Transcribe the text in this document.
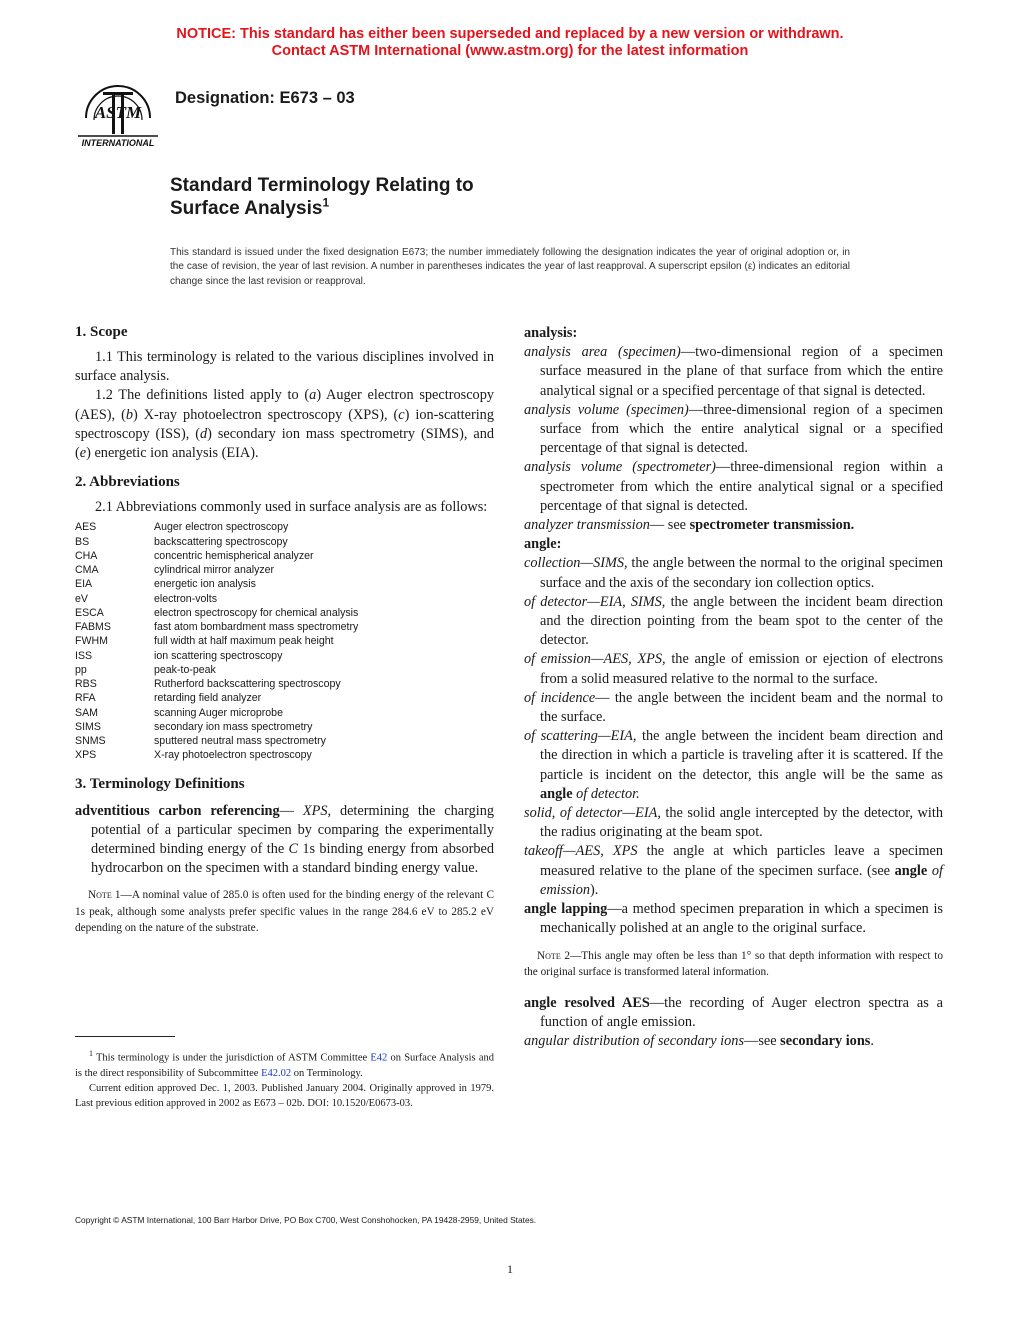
NOTICE: This standard has either been superseded and replaced by a new version or withdrawn.
Contact ASTM International (www.astm.org) for the latest information
ASTM
INTERNATIONAL
Designation: E673 – 03
Standard Terminology Relating to
Surface Analysis$^1$
This standard is issued under the fixed designation E673; the number immediately following the designation indicates the year of original adoption or, in the case of revision, the year of last revision. A number in parentheses indicates the year of last reapproval. A superscript epsilon (ε) indicates an editorial change since the last revision or reapproval.

1. Scope

1.1 This terminology is related to the various disciplines involved in surface analysis.

1.2 The definitions listed apply to (a) Auger electron spectroscopy (AES), (b) X-ray photoelectron spectroscopy (XPS), (c) ion-scattering spectroscopy (ISS), (d) secondary ion mass spectrometry (SIMS), and (e) energetic ion analysis (EIA).

2. Abbreviations

2.1 Abbreviations commonly used in surface analysis are as follows:

AES	Auger electron spectroscopy
BS	backscattering spectroscopy
CHA	concentric hemispherical analyzer
CMA	cylindrical mirror analyzer
EIA	energetic ion analysis
eV	electron-volts
ESCA	electron spectroscopy for chemical analysis
FABMS	fast atom bombardment mass spectrometry
FWHM	full width at half maximum peak height
ISS	ion scattering spectroscopy
pp	peak-to-peak
RBS	Rutherford backscattering spectroscopy
RFA	retarding field analyzer
SAM	scanning Auger microprobe
SIMS	secondary ion mass spectrometry
SNMS	sputtered neutral mass spectrometry
XPS	X-ray photoelectron spectroscopy

3. Terminology Definitions

adventitious carbon referencing— XPS, determining the charging potential of a particular specimen by comparing the experimentally determined binding energy of the C 1s binding energy from absorbed hydrocarbon on the specimen with a standard binding energy value.

Note 1—A nominal value of 285.0 is often used for the binding energy of the relevant C 1s peak, although some analysts prefer specific values in the range 284.6 eV to 285.2 eV depending on the nature of the substrate.

$^1$ This terminology is under the jurisdiction of ASTM Committee E42 on Surface Analysis and is the direct responsibility of Subcommittee E42.02 on Terminology.

Current edition approved Dec. 1, 2003. Published January 2004. Originally approved in 1979. Last previous edition approved in 2002 as E673 – 02b. DOI: 10.1520/E0673-03.

analysis:

analysis area (specimen)—two-dimensional region of a specimen surface measured in the plane of that surface from which the entire analytical signal or a specified percentage of that signal is detected.

analysis volume (specimen)—three-dimensional region of a specimen surface from which the entire analytical signal or a specified percentage of that signal is detected.

analysis volume (spectrometer)—three-dimensional region within a spectrometer from which the entire analytical signal or a specified percentage of that signal is detected.

analyzer transmission— see spectrometer transmission.

angle:

collection—SIMS, the angle between the normal to the original specimen surface and the axis of the secondary ion collection optics.

of detector—EIA, SIMS, the angle between the incident beam direction and the direction pointing from the beam spot to the center of the detector.

of emission—AES, XPS, the angle of emission or ejection of electrons from a solid measured relative to the normal to the surface.

of incidence— the angle between the incident beam and the normal to the surface.

of scattering—EIA, the angle between the incident beam direction and the direction in which a particle is traveling after it is scattered. If the particle is incident on the detector, this angle will be the same as angle of detector.

solid, of detector—EIA, the solid angle intercepted by the detector, with the radius originating at the beam spot.

takeoff—AES, XPS the angle at which particles leave a specimen measured relative to the plane of the specimen surface. (see angle of emission).

angle lapping—a method specimen preparation in which a specimen is mechanically polished at an angle to the original surface.

Note 2—This angle may often be less than 1° so that depth information with respect to the original surface is transformed lateral information.

angle resolved AES—the recording of Auger electron spectra as a function of angle emission.

angular distribution of secondary ions—see secondary ions.

Copyright © ASTM International, 100 Barr Harbor Drive, PO Box C700, West Conshohocken, PA 19428-2959, United States.
1
